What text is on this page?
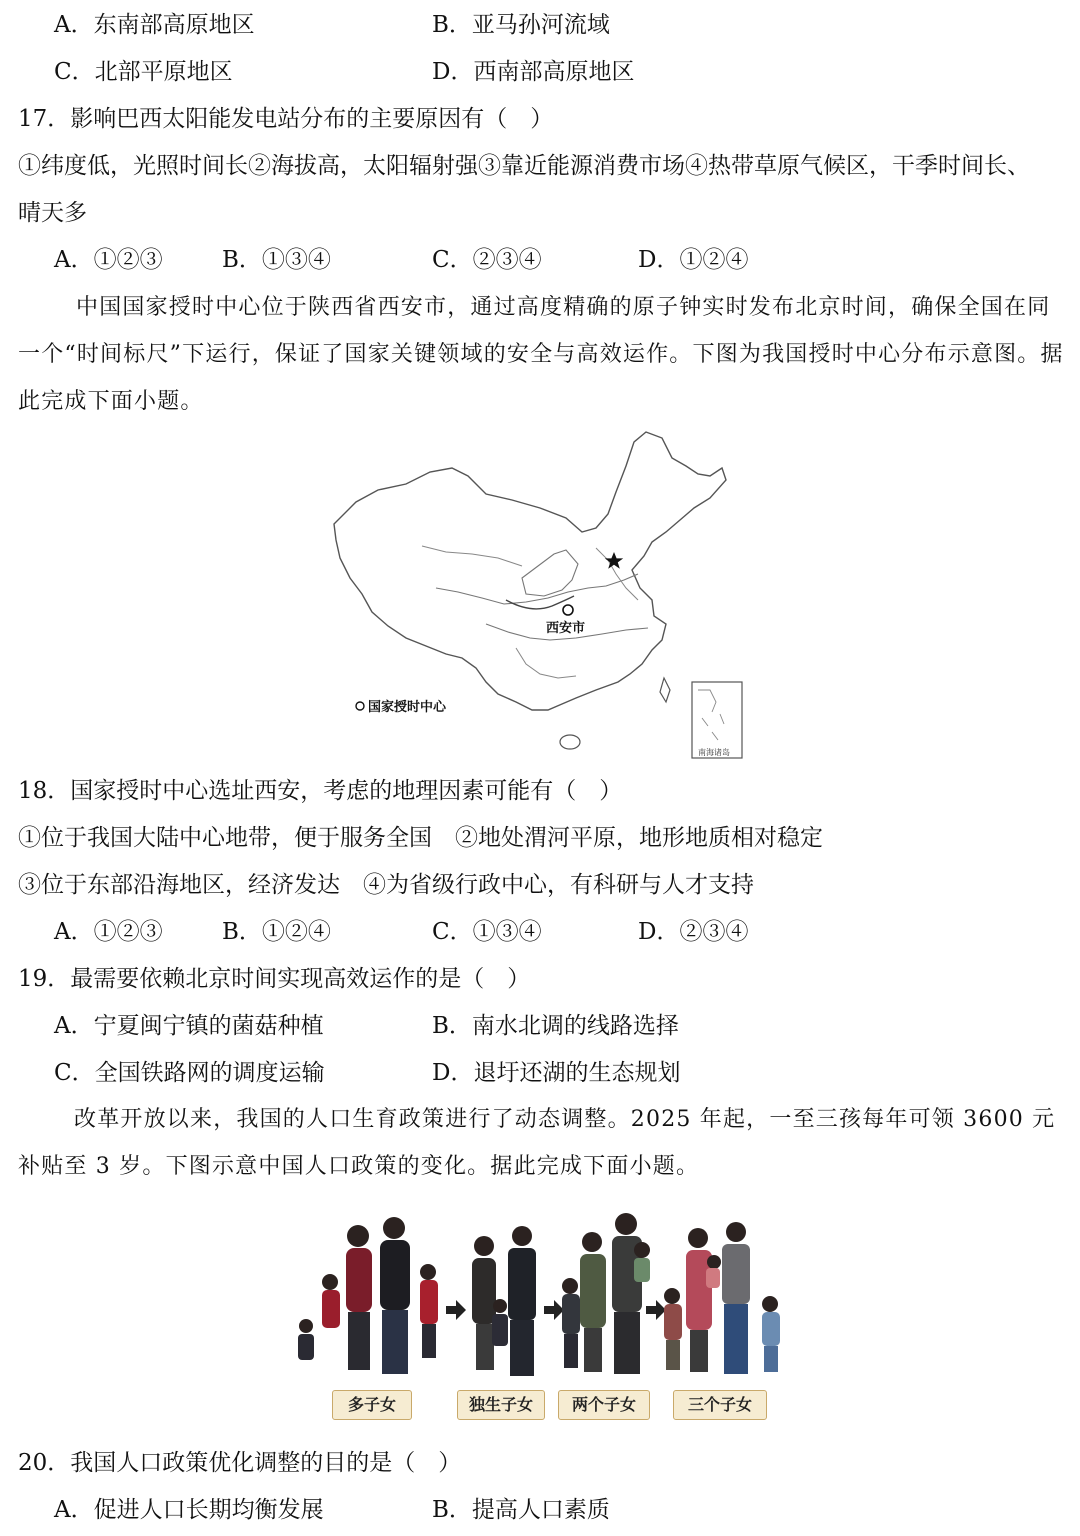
A．东南部高原地区	B．亚马孙河流域
C．北部平原地区	D．西南部高原地区
17．影响巴西太阳能发电站分布的主要原因有（　）
①纬度低，光照时间长②海拔高，太阳辐射强③靠近能源消费市场④热带草原气候区，干季时间长、
晴天多
A．①②③	B．①③④	C．②③④	D．①②④
中国国家授时中心位于陕西省西安市，通过高度精确的原子钟实时发布北京时间，确保全国在同一个“时间标尺”下运行，保证了国家关键领域的安全与高效运作。下图为我国授时中心分布示意图。据此完成下面小题。
西安市
国家授时中心
南海诸岛
18．国家授时中心选址西安，考虑的地理因素可能有（　）
①位于我国大陆中心地带，便于服务全国　②地处渭河平原，地形地质相对稳定
③位于东部沿海地区，经济发达　④为省级行政中心，有科研与人才支持
A．①②③	B．①②④	C．①③④	D．②③④
19．最需要依赖北京时间实现高效运作的是（　）
A．宁夏闽宁镇的菌菇种植	B．南水北调的线路选择
C．全国铁路网的调度运输	D．退圩还湖的生态规划
改革开放以来，我国的人口生育政策进行了动态调整。2025 年起，一至三孩每年可领 3600 元补贴至 3 岁。下图示意中国人口政策的变化。据此完成下面小题。
多子女	独生子女	两个子女	三个子女
20．我国人口政策优化调整的目的是（　）
A．促进人口长期均衡发展	B．提高人口素质
